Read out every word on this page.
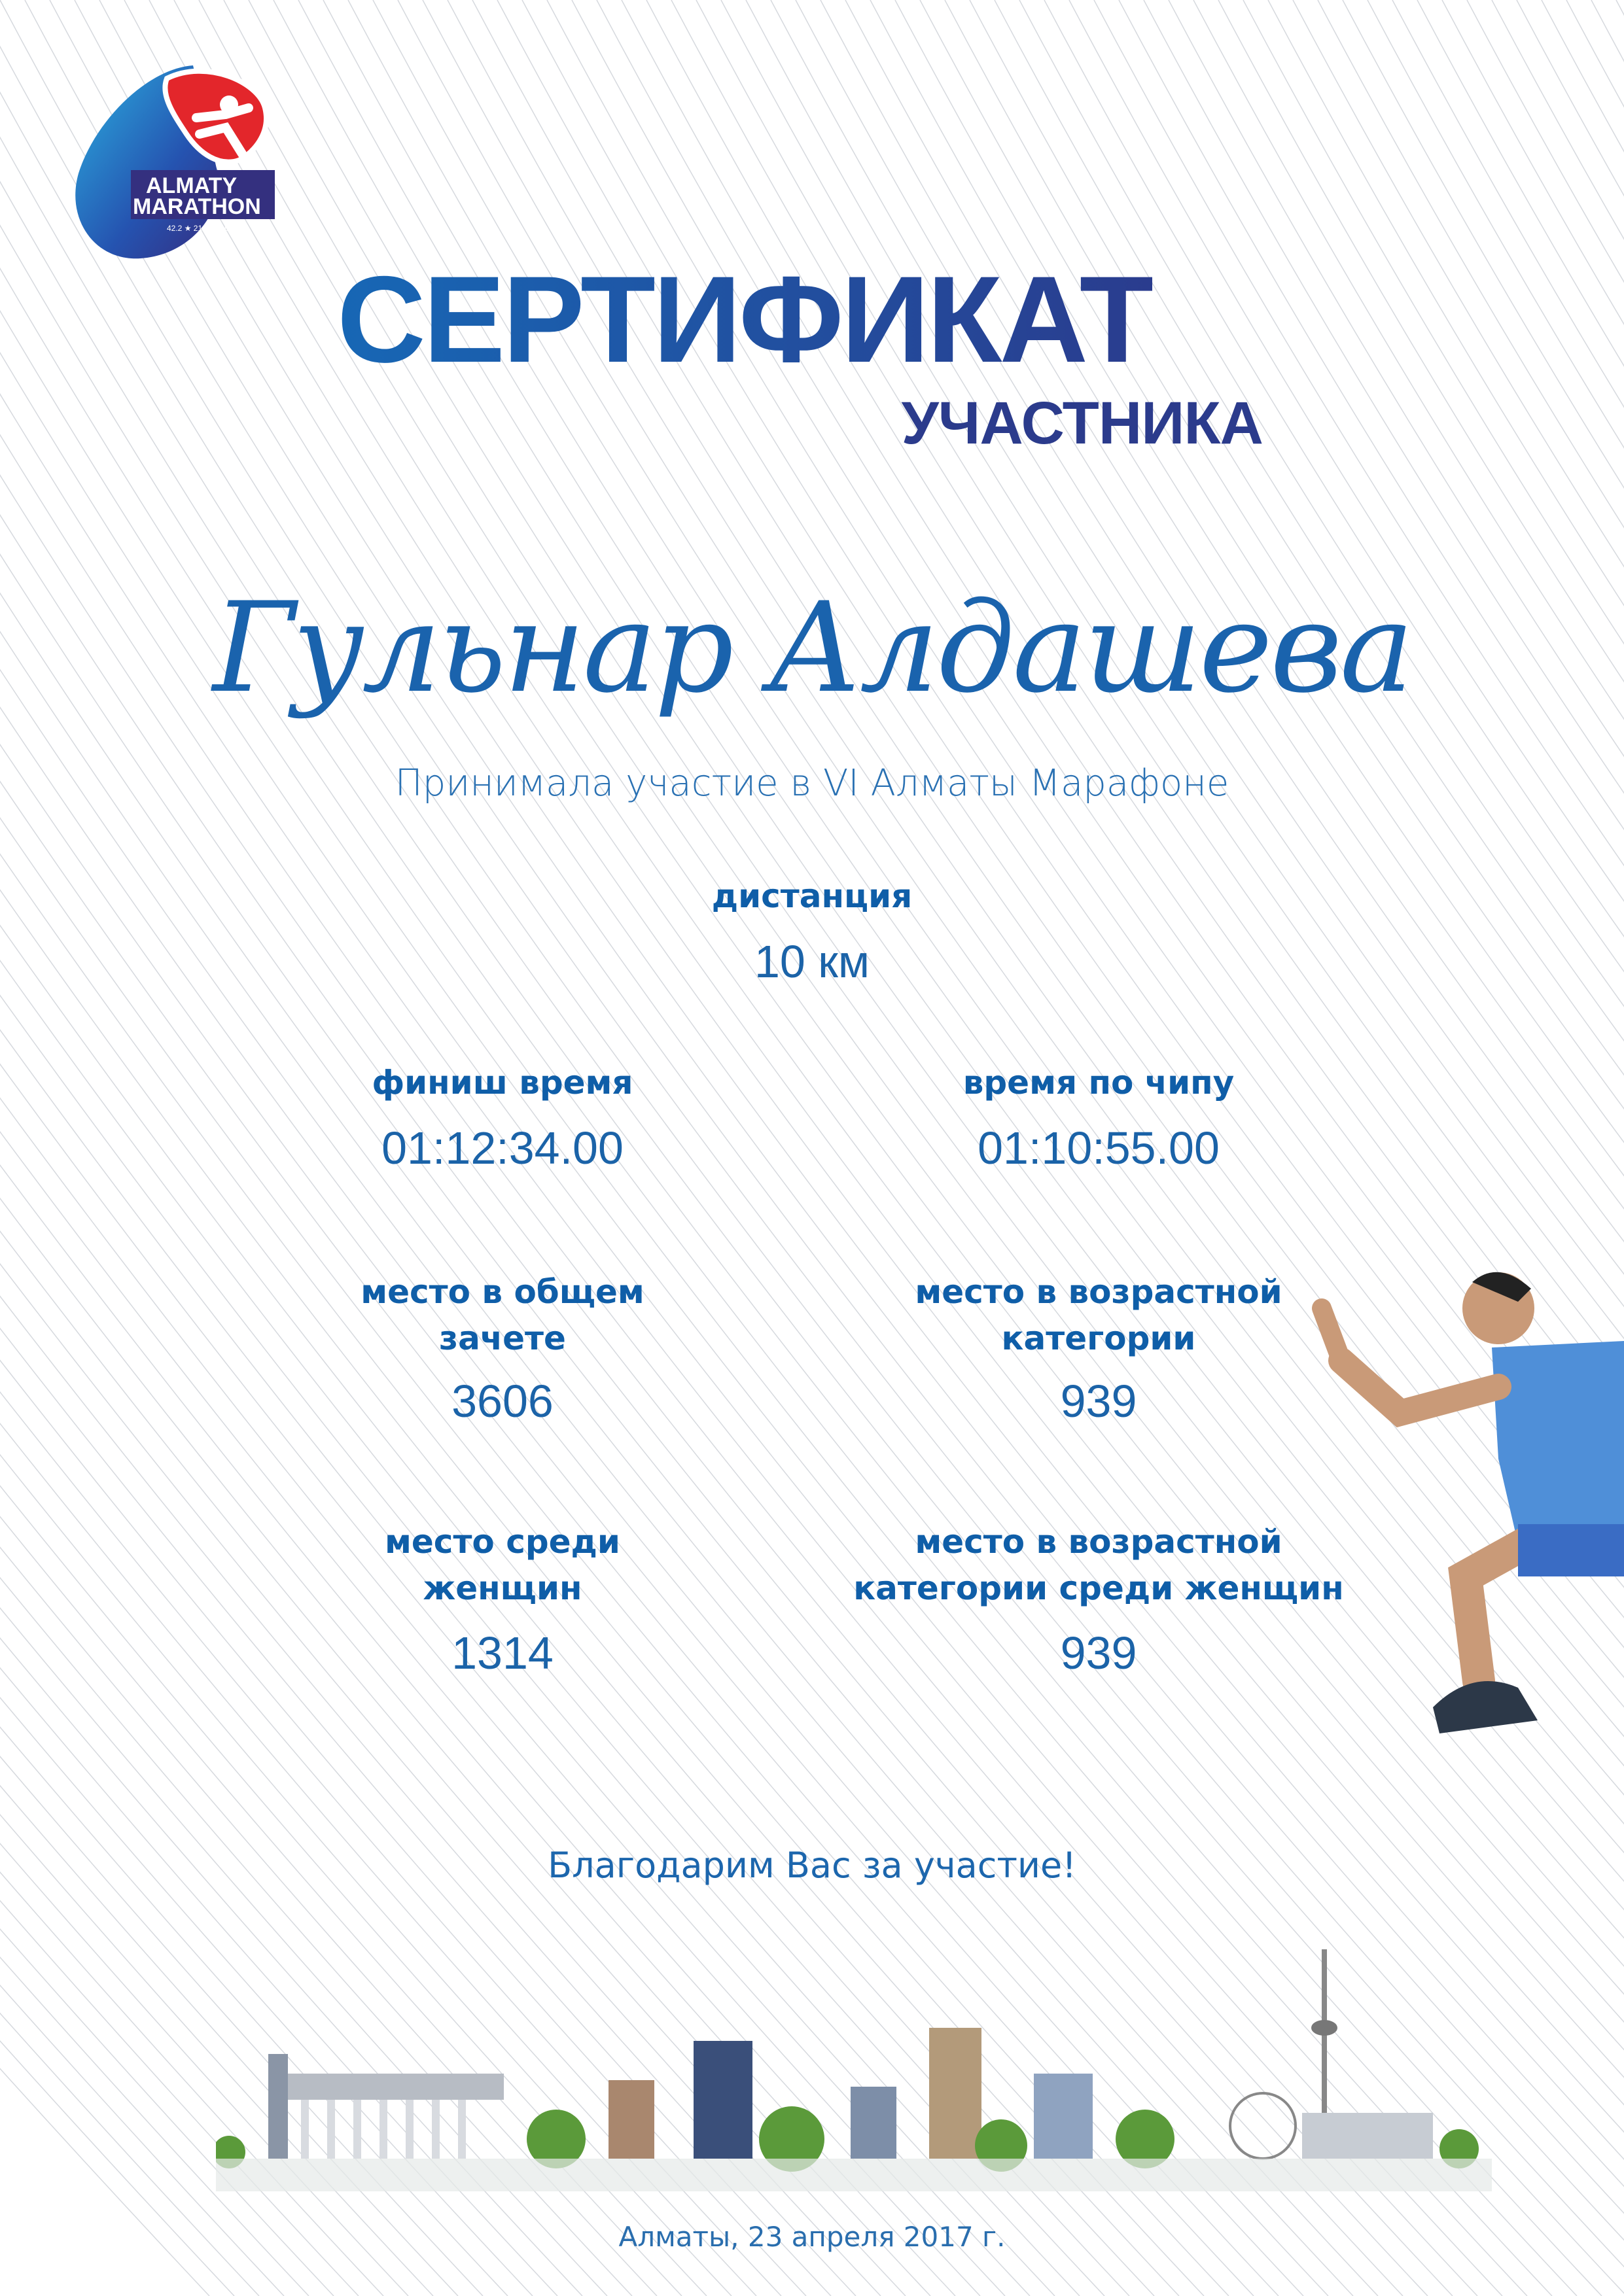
ALMATY
MARATHON
42.2 ★ 21.1 ★ 10 ★ 3
СЕРТИФИКАТ
УЧАСТНИКА
Гульнар Алдашева
Принимала участие в VI Алматы Марафоне
дистанция
10 км
финиш время
01:12:34.00
время по чипу
01:10:55.00
место в общем
зачете
3606
место в возрастной
категории
939
место среди
женщин
1314
место в возрастной
категории среди женщин
939
Благодарим Вас за участие!
Алматы, 23 апреля 2017 г.
